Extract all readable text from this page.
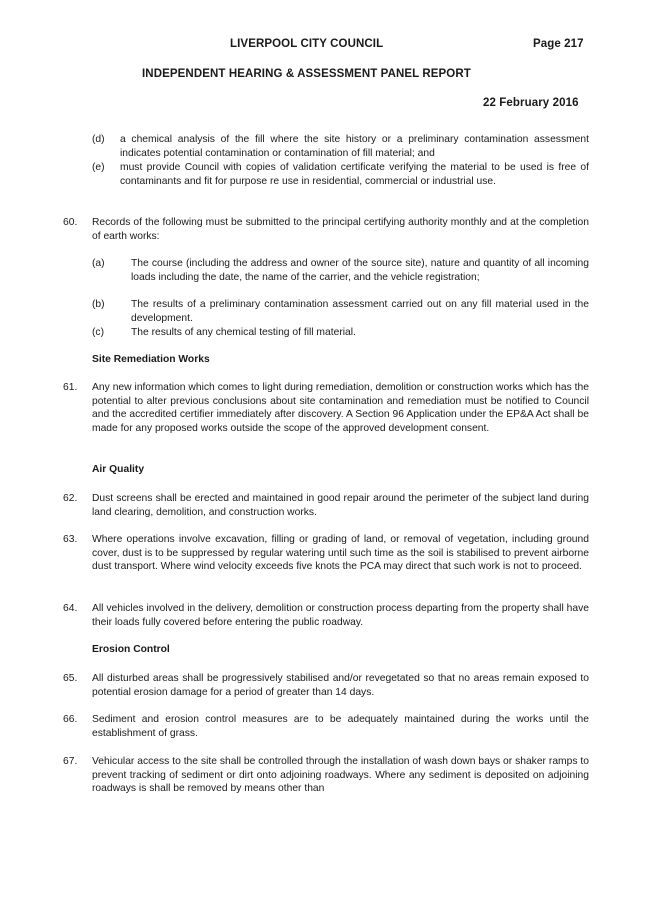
LIVERPOOL CITY COUNCIL	Page 217
INDEPENDENT HEARING & ASSESSMENT PANEL REPORT
22 February 2016
(d) a chemical analysis of the fill where the site history or a preliminary contamination assessment indicates potential contamination or contamination of fill material; and
(e) must provide Council with copies of validation certificate verifying the material to be used is free of contaminants and fit for purpose re use in residential, commercial or industrial use.
60. Records of the following must be submitted to the principal certifying authority monthly and at the completion of earth works:
(a)	The course (including the address and owner of the source site), nature and quantity of all incoming loads including the date, the name of the carrier, and the vehicle registration;
(b)	The results of a preliminary contamination assessment carried out on any fill material used in the development.
(c)	The results of any chemical testing of fill material.
Site Remediation Works
61. Any new information which comes to light during remediation, demolition or construction works which has the potential to alter previous conclusions about site contamination and remediation must be notified to Council and the accredited certifier immediately after discovery. A Section 96 Application under the EP&A Act shall be made for any proposed works outside the scope of the approved development consent.
Air Quality
62. Dust screens shall be erected and maintained in good repair around the perimeter of the subject land during land clearing, demolition, and construction works.
63. Where operations involve excavation, filling or grading of land, or removal of vegetation, including ground cover, dust is to be suppressed by regular watering until such time as the soil is stabilised to prevent airborne dust transport. Where wind velocity exceeds five knots the PCA may direct that such work is not to proceed.
64. All vehicles involved in the delivery, demolition or construction process departing from the property shall have their loads fully covered before entering the public roadway.
Erosion Control
65. All disturbed areas shall be progressively stabilised and/or revegetated so that no areas remain exposed to potential erosion damage for a period of greater than 14 days.
66. Sediment and erosion control measures are to be adequately maintained during the works until the establishment of grass.
67. Vehicular access to the site shall be controlled through the installation of wash down bays or shaker ramps to prevent tracking of sediment or dirt onto adjoining roadways. Where any sediment is deposited on adjoining roadways is shall be removed by means other than
